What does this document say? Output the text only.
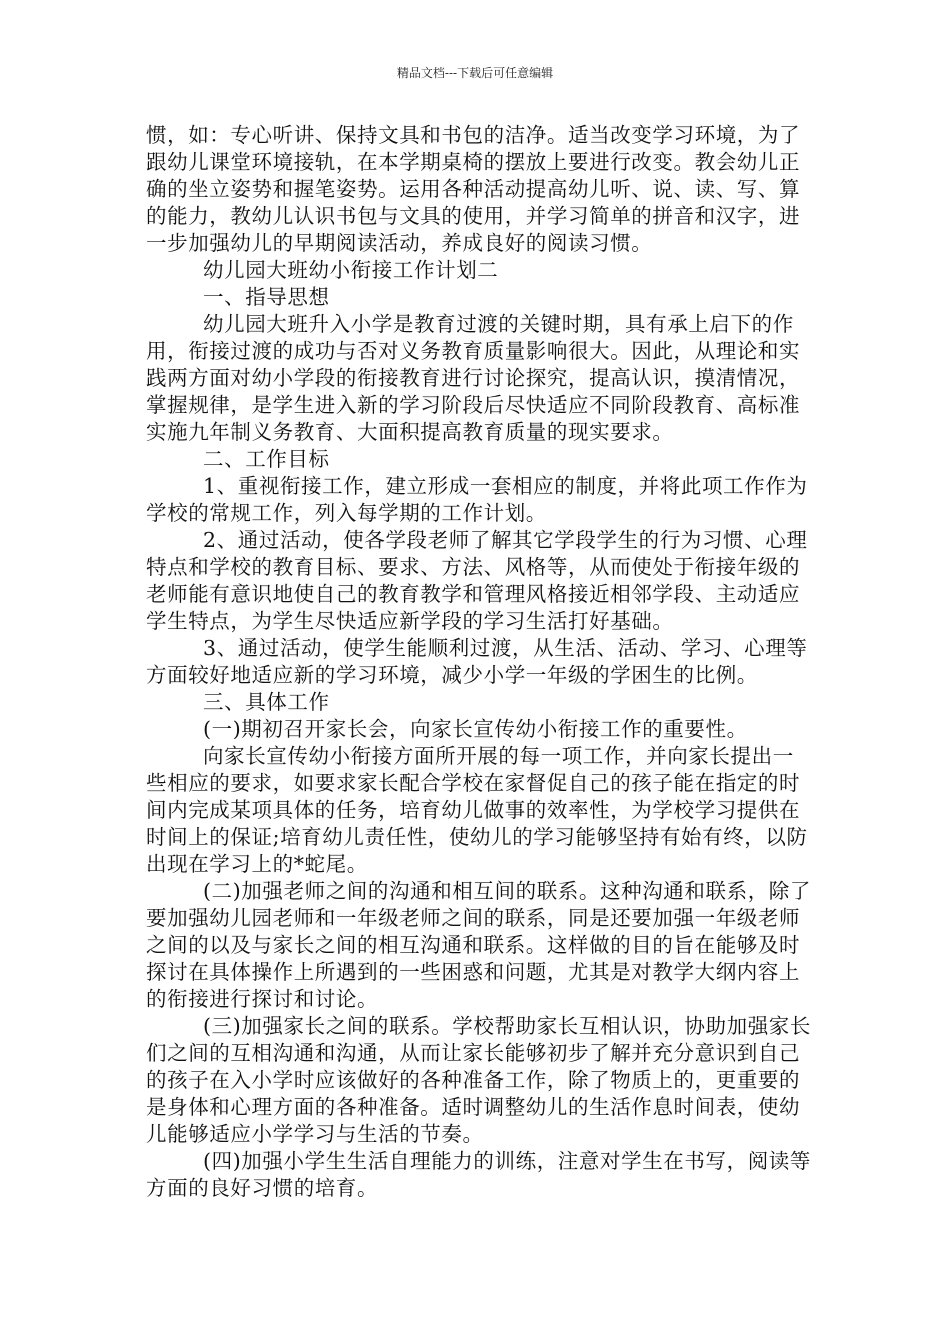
精品文档---下载后可任意编辑

惯，如：专心听讲、保持文具和书包的洁净。适当改变学习环境，为了跟幼儿课堂环境接轨，在本学期桌椅的摆放上要进行改变。教会幼儿正确的坐立姿势和握笔姿势。运用各种活动提高幼儿听、说、读、写、算的能力，教幼儿认识书包与文具的使用，并学习简单的拼音和汉字，进一步加强幼儿的早期阅读活动，养成良好的阅读习惯。

幼儿园大班幼小衔接工作计划二

一、指导思想

幼儿园大班升入小学是教育过渡的关键时期，具有承上启下的作用，衔接过渡的成功与否对义务教育质量影响很大。因此，从理论和实践两方面对幼小学段的衔接教育进行讨论探究，提高认识，摸清情况，掌握规律，是学生进入新的学习阶段后尽快适应不同阶段教育、高标准实施九年制义务教育、大面积提高教育质量的现实要求。

二、工作目标

1、重视衔接工作，建立形成一套相应的制度，并将此项工作作为学校的常规工作，列入每学期的工作计划。

2、通过活动，使各学段老师了解其它学段学生的行为习惯、心理特点和学校的教育目标、要求、方法、风格等，从而使处于衔接年级的老师能有意识地使自己的教育教学和管理风格接近相邻学段、主动适应学生特点，为学生尽快适应新学段的学习生活打好基础。

3、通过活动，使学生能顺利过渡，从生活、活动、学习、心理等方面较好地适应新的学习环境，减少小学一年级的学困生的比例。

三、具体工作

(一)期初召开家长会，向家长宣传幼小衔接工作的重要性。

向家长宣传幼小衔接方面所开展的每一项工作，并向家长提出一些相应的要求，如要求家长配合学校在家督促自己的孩子能在指定的时间内完成某项具体的任务，培育幼儿做事的效率性，为学校学习提供在时间上的保证;培育幼儿责任性，使幼儿的学习能够坚持有始有终，以防出现在学习上的*蛇尾。

(二)加强老师之间的沟通和相互间的联系。这种沟通和联系，除了要加强幼儿园老师和一年级老师之间的联系，同是还要加强一年级老师之间的以及与家长之间的相互沟通和联系。这样做的目的旨在能够及时探讨在具体操作上所遇到的一些困惑和问题，尤其是对教学大纲内容上的衔接进行探讨和讨论。

(三)加强家长之间的联系。学校帮助家长互相认识，协助加强家长们之间的互相沟通和沟通，从而让家长能够初步了解并充分意识到自己的孩子在入小学时应该做好的各种准备工作，除了物质上的，更重要的是身体和心理方面的各种准备。适时调整幼儿的生活作息时间表，使幼儿能够适应小学学习与生活的节奏。

(四)加强小学生生活自理能力的训练，注意对学生在书写，阅读等方面的良好习惯的培育。
